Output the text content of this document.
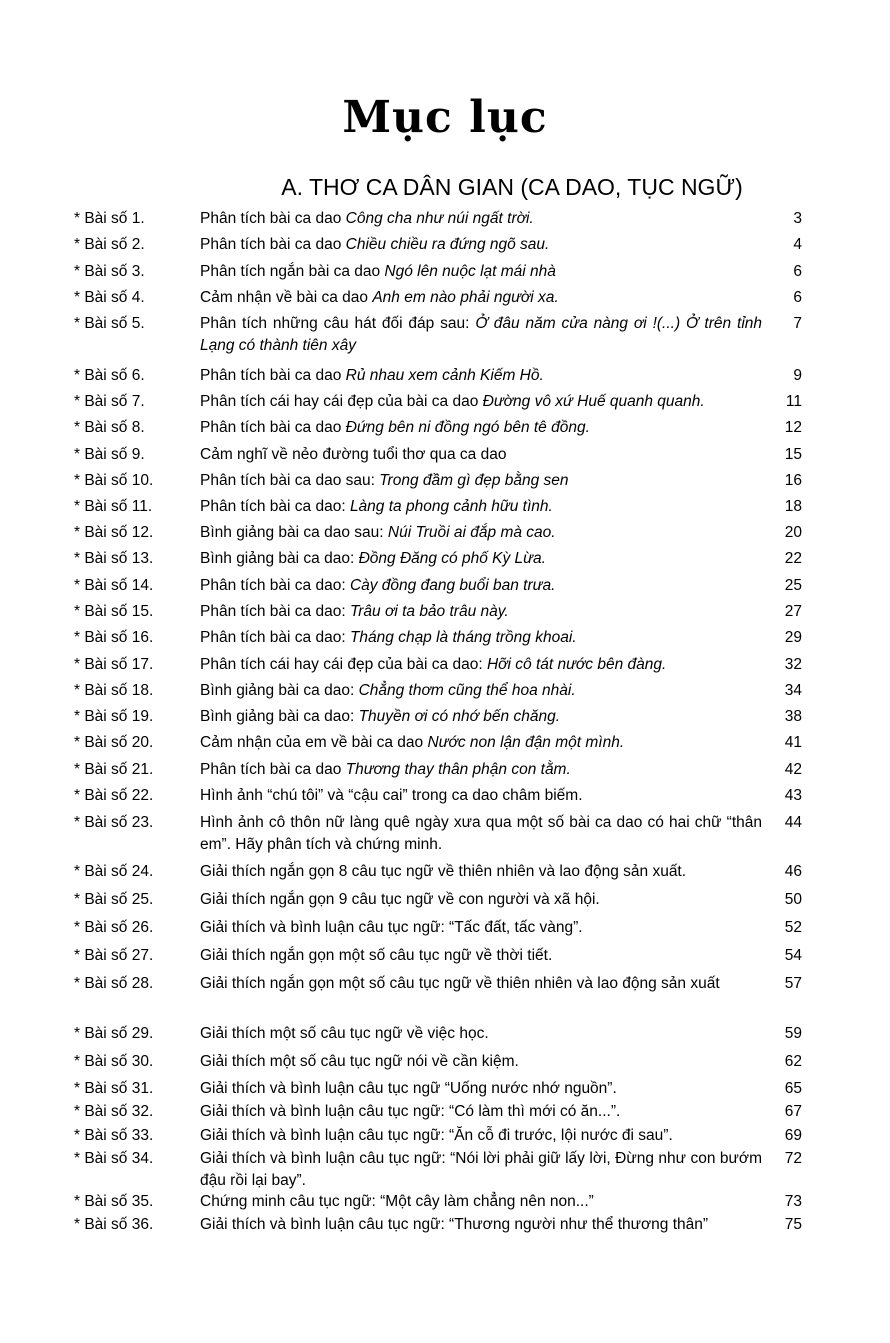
Mục lục
A. THƠ CA DÂN GIAN (CA DAO, TỤC NGỮ)
* Bài số 1.	Phân tích bài ca dao Công cha như núi ngất trời.	3
* Bài số 2.	Phân tích bài ca dao Chiều chiều ra đứng ngõ sau.	4
* Bài số 3.	Phân tích ngắn bài ca dao Ngó lên nuộc lạt mái nhà	6
* Bài số 4.	Cảm nhận về bài ca dao Anh em nào phải người xa.	6
* Bài số 5.	Phân tích những câu hát đối đáp sau: Ở đâu năm cửa nàng ơi !(...) Ở trên tỉnh Lạng có thành tiên xây
7
* Bài số 6.	Phân tích bài ca dao Rủ nhau xem cảnh Kiếm Hồ.	9
* Bài số 7.	Phân tích cái hay cái đẹp của bài ca dao Đường vô xứ Huế quanh quanh.	11
* Bài số 8.	Phân tích bài ca dao Đứng bên ni đồng ngó bên tê đồng.	12
* Bài số 9.	Cảm nghĩ về nẻo đường tuổi thơ qua ca dao	15
* Bài số 10.	Phân tích bài ca dao sau: Trong đầm gì đẹp bằng sen	16
* Bài số 11.	Phân tích bài ca dao: Làng ta phong cảnh hữu tình.	18
* Bài số 12.	Bình giảng bài ca dao sau: Núi Truồi ai đắp mà cao.	20
* Bài số 13.	Bình giảng bài ca dao: Đồng Đăng có phố Kỳ Lừa.	22
* Bài số 14.	Phân tích bài ca dao: Cày đồng đang buổi ban trưa.	25
* Bài số 15.	Phân tích bài ca dao: Trâu ơi ta bảo trâu này.	27
* Bài số 16.	Phân tích bài ca dao: Tháng chạp là tháng trồng khoai.	29
* Bài số 17.	Phân tích cái hay cái đẹp của bài ca dao: Hỡi cô tát nước bên đàng.	32
* Bài số 18.	Bình giảng bài ca dao: Chẳng thơm cũng thể hoa nhài.	34
* Bài số 19.	Bình giảng bài ca dao: Thuyền ơi có nhớ bến chăng.	38
* Bài số 20.	Cảm nhận của em về bài ca dao Nước non lận đận một mình.	41
* Bài số 21.	Phân tích bài ca dao Thương thay thân phận con tằm.	42
* Bài số 22.	Hình ảnh “chú tôi” và “cậu cai” trong ca dao châm biếm.	43
* Bài số 23.	Hình ảnh cô thôn nữ làng quê ngày xưa qua một số bài ca dao có hai chữ “thân em”. Hãy phân tích và chứng minh.
44
* Bài số 24.	Giải thích ngắn gọn 8 câu tục ngữ về thiên nhiên và lao động sản xuất.	46
* Bài số 25.	Giải thích ngắn gọn 9 câu tục ngữ về con người và xã hội.	50
* Bài số 26.	Giải thích và bình luận câu tục ngữ: “Tấc đất, tấc vàng”.	52
* Bài số 27.	Giải thích ngắn gọn một số câu tục ngữ về thời tiết.	54
* Bài số 28.	Giải thích ngắn gọn một số câu tục ngữ về thiên nhiên và lao động sản xuất	57
* Bài số 29.	Giải thích một số câu tục ngữ về việc học.	59
* Bài số 30.	Giải thích một số câu tục ngữ nói về cần kiệm.	62
* Bài số 31.	Giải thích và bình luận câu tục ngữ “Uống nước nhớ nguồn”.	65
* Bài số 32.	Giải thích và bình luận câu tục ngữ: “Có làm thì mới có ăn...”.	67
* Bài số 33.	Giải thích và bình luận câu tục ngữ: “Ăn cỗ đi trước, lội nước đi sau”.	69
* Bài số 34.	Giải thích và bình luận câu tục ngữ: “Nói lời phải giữ lấy lời, Đừng như con bướm đậu rồi lại bay”.
72
* Bài số 35.	Chứng minh câu tục ngữ: “Một cây làm chẳng nên non...”	73
* Bài số 36.	Giải thích và bình luận câu tục ngữ: “Thương người như thể thương thân”	75
